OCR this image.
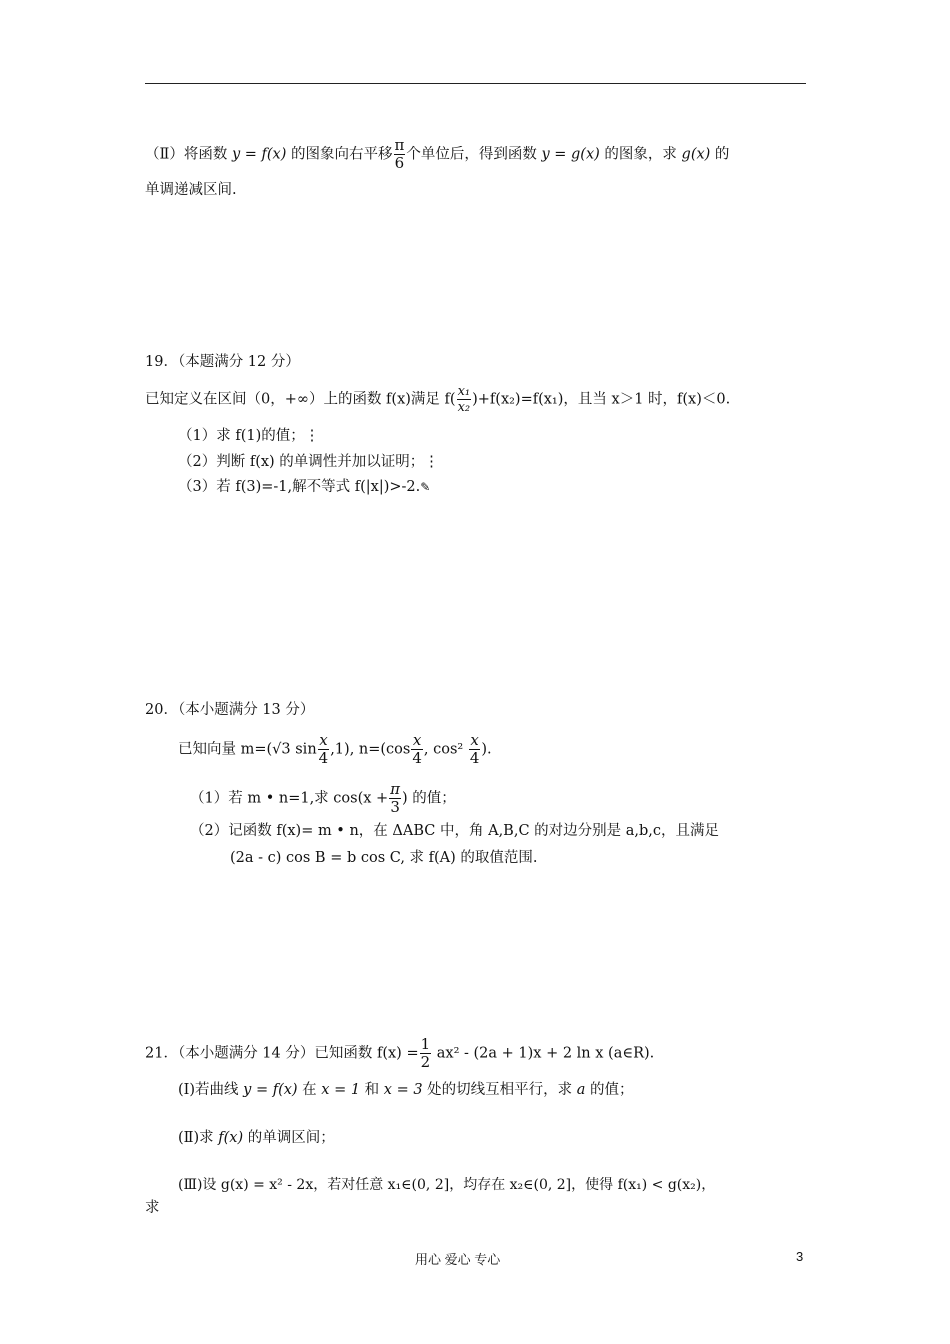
（Ⅱ）将函数 y = f(x) 的图象向右平移 $\frac{\pi}{6}$ 个单位后，得到函数 y = g(x) 的图象，求 g(x) 的
单调递减区间.
19．（本题满分 12 分）
已知定义在区间（0，+∞）上的函数 f(x)满足 $f( \frac{\text{x₁}}{\text{x₂}} )+f(x_2)=f(x_1)$，且当 x＞1 时，f(x)＜0.
（1）求 f(1)的值；⋮
（2）判断 f(x) 的单调性并加以证明；⋮
（3）若 f(3)=-1,解不等式 f(|x|)>-2.✎
20．（本小题满分 13 分）
已知向量 m=(√3 $\sin \frac{x}{4} ,1$), $n=(\cos \frac{x}{4}$ , $\cos^2 \frac{x}{4}$ ).
（1）若 m • n=1,求 $\cos(x + \frac{\pi}{3}$ ) 的值；
（2）记函数 f(x)= m • n，在 ΔABC 中，角 A,B,C 的对边分别是 a,b,c，且满足
(2a - c) cos B = b cos C, 求 f(A) 的取值范围.
21．（本小题满分 14 分）已知函数 $f(x) = \frac{1}{2} ax^2 - (2a + 1)x + 2$ ln x (a∈R).
(Ⅰ)若曲线 y = f(x) 在 x = 1 和 x = 3 处的切线互相平行，求 a 的值；
(Ⅱ)求 f(x) 的单调区间；
(Ⅲ)设 g(x) = x² - 2x，若对任意 x₁∈(0, 2]，均存在 x₂∈(0, 2]，使得 f(x₁) < g(x₂)，
求
用心 爱心 专心	3
